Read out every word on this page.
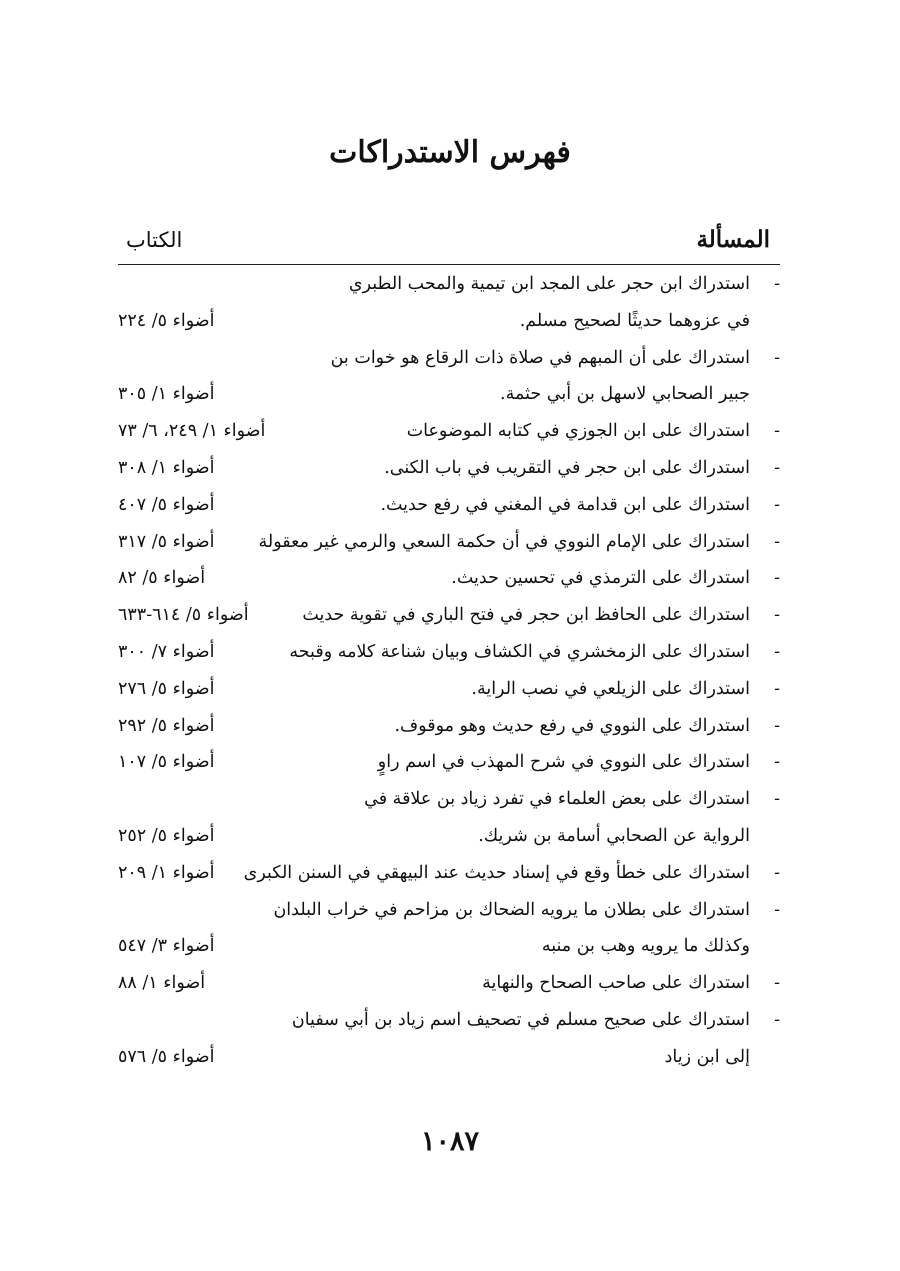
فهرس الاستدراكات
المسألة
الكتاب
-
استدراك ابن حجر على المجد ابن تيمية والمحب الطبري
في عزوهما حديثًا لصحيح مسلم.
أضواء ٥/ ٢٢٤
-
استدراك على أن المبهم في صلاة ذات الرقاع هو خوات بن
جبير الصحابي لاسهل بن أبي حثمة.
أضواء ١/ ٣٠٥
-
استدراك على ابن الجوزي في كتابه الموضوعات
أضواء ١/ ٢٤٩، ٦/ ٧٣
-
استدراك على ابن حجر في التقريب في باب الكنى.
أضواء ١/ ٣٠٨
-
استدراك على ابن قدامة في المغني في رفع حديث.
أضواء ٥/ ٤٠٧
-
استدراك على الإمام النووي في أن حكمة السعي والرمي غير معقولة
أضواء ٥/ ٣١٧
-
استدراك على الترمذي في تحسين حديث.
أضواء ٥/ ٨٢
-
استدراك على الحافظ ابن حجر في فتح الباري في تقوية حديث
أضواء ٥/ ٦١٤-٦٣٣
-
استدراك على الزمخشري في الكشاف وبيان شناعة كلامه وقبحه
أضواء ٧/ ٣٠٠
-
استدراك على الزيلعي في نصب الراية.
أضواء ٥/ ٢٧٦
-
استدراك على النووي في رفع حديث وهو موقوف.
أضواء ٥/ ٢٩٢
-
استدراك على النووي في شرح المهذب في اسم راوٍ
أضواء ٥/ ١٠٧
-
استدراك على بعض العلماء في تفرد زياد بن علاقة في
الرواية عن الصحابي أسامة بن شريك.
أضواء ٥/ ٢٥٢
-
استدراك على خطأ وقع في إسناد حديث عند البيهقي في السنن الكبرى
أضواء ١/ ٢٠٩
-
استدراك على بطلان ما يرويه الضحاك بن مزاحم في خراب البلدان
وكذلك ما يرويه وهب بن منبه
أضواء ٣/ ٥٤٧
-
استدراك على صاحب الصحاح والنهاية
أضواء ١/ ٨٨
-
استدراك على صحيح مسلم في تصحيف اسم زياد بن أبي سفيان
إلى ابن زياد
أضواء ٥/ ٥٧٦
١٠٨٧
